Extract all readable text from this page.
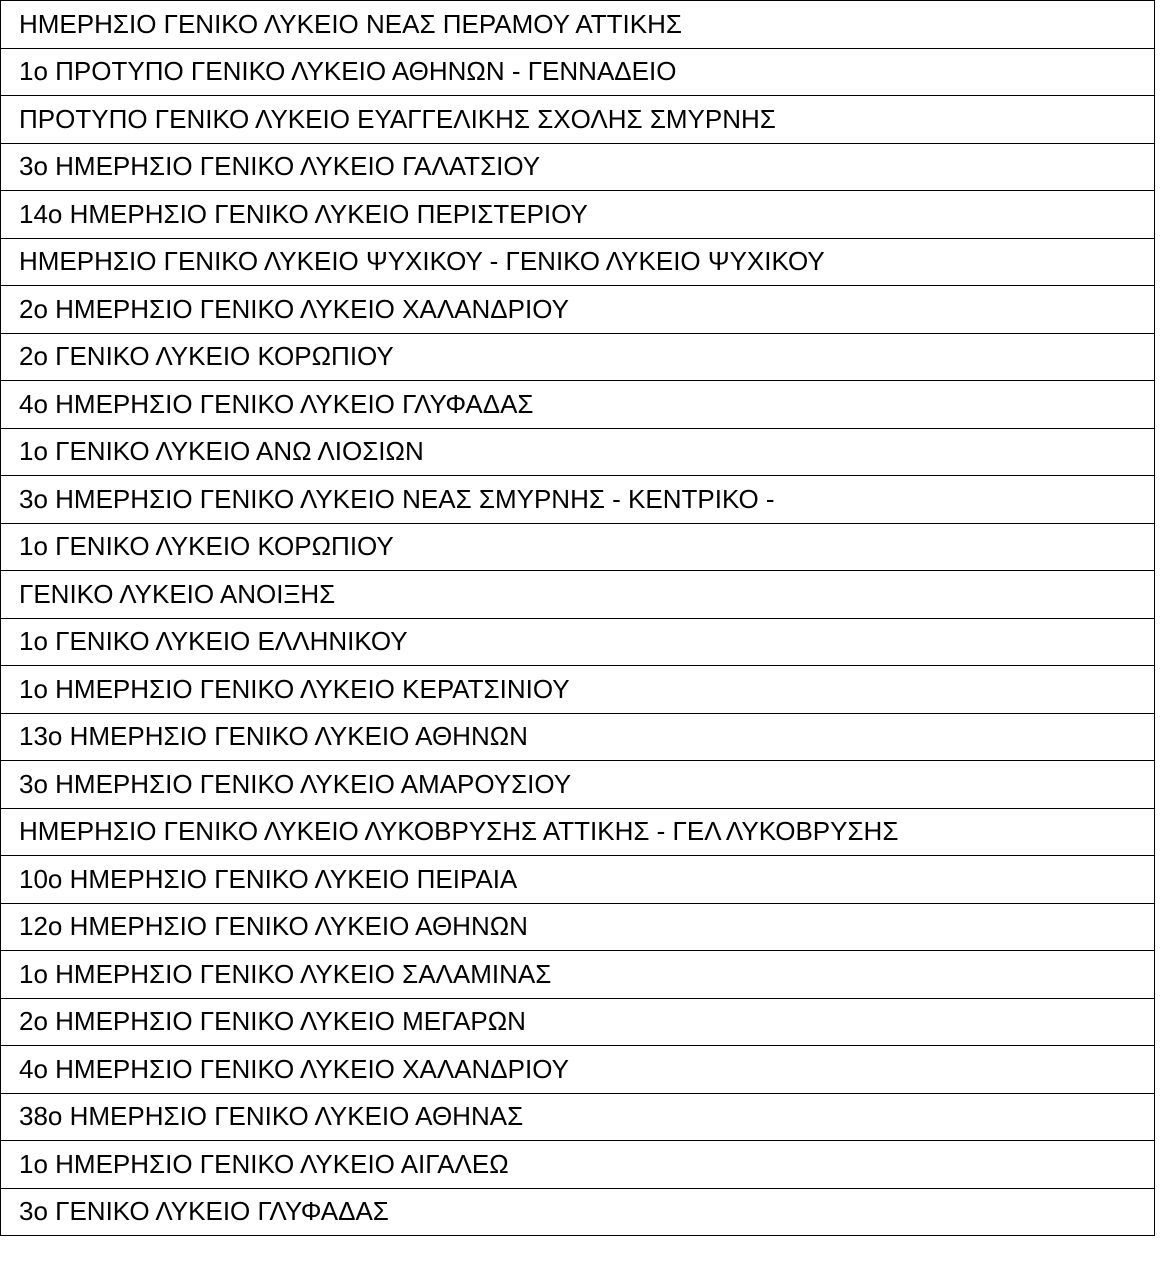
ΗΜΕΡΗΣΙΟ ΓΕΝΙΚΟ ΛΥΚΕΙΟ ΝΕΑΣ ΠΕΡΑΜΟΥ ΑΤΤΙΚΗΣ
1ο ΠΡΟΤΥΠΟ ΓΕΝΙΚΟ ΛΥΚΕΙΟ ΑΘΗΝΩΝ - ΓΕΝΝΑΔΕΙΟ
ΠΡΟΤΥΠΟ ΓΕΝΙΚΟ ΛΥΚΕΙΟ ΕΥΑΓΓΕΛΙΚΗΣ ΣΧΟΛΗΣ ΣΜΥΡΝΗΣ
3ο ΗΜΕΡΗΣΙΟ ΓΕΝΙΚΟ ΛΥΚΕΙΟ ΓΑΛΑΤΣΙΟΥ
14ο ΗΜΕΡΗΣΙΟ ΓΕΝΙΚΟ ΛΥΚΕΙΟ ΠΕΡΙΣΤΕΡΙΟΥ
ΗΜΕΡΗΣΙΟ ΓΕΝΙΚΟ ΛΥΚΕΙΟ ΨΥΧΙΚΟΥ - ΓΕΝΙΚΟ ΛΥΚΕΙΟ ΨΥΧΙΚΟΥ
2ο ΗΜΕΡΗΣΙΟ ΓΕΝΙΚΟ ΛΥΚΕΙΟ ΧΑΛΑΝΔΡΙΟΥ
2ο ΓΕΝΙΚΟ ΛΥΚΕΙΟ ΚΟΡΩΠΙΟΥ
4ο ΗΜΕΡΗΣΙΟ ΓΕΝΙΚΟ ΛΥΚΕΙΟ ΓΛΥΦΑΔΑΣ
1ο ΓΕΝΙΚΟ ΛΥΚΕΙΟ ΑΝΩ ΛΙΟΣΙΩΝ
3ο ΗΜΕΡΗΣΙΟ ΓΕΝΙΚΟ ΛΥΚΕΙΟ ΝΕΑΣ ΣΜΥΡΝΗΣ - ΚΕΝΤΡΙΚΟ -
1ο ΓΕΝΙΚΟ ΛΥΚΕΙΟ ΚΟΡΩΠΙΟΥ
ΓΕΝΙΚΟ ΛΥΚΕΙΟ ΑΝΟΙΞΗΣ
1ο ΓΕΝΙΚΟ ΛΥΚΕΙΟ ΕΛΛΗΝΙΚΟΥ
1ο ΗΜΕΡΗΣΙΟ ΓΕΝΙΚΟ ΛΥΚΕΙΟ ΚΕΡΑΤΣΙΝΙΟΥ
13ο ΗΜΕΡΗΣΙΟ ΓΕΝΙΚΟ ΛΥΚΕΙΟ ΑΘΗΝΩΝ
3ο ΗΜΕΡΗΣΙΟ ΓΕΝΙΚΟ ΛΥΚΕΙΟ ΑΜΑΡΟΥΣΙΟΥ
ΗΜΕΡΗΣΙΟ ΓΕΝΙΚΟ ΛΥΚΕΙΟ ΛΥΚΟΒΡΥΣΗΣ ΑΤΤΙΚΗΣ - ΓΕΛ ΛΥΚΟΒΡΥΣΗΣ
10ο ΗΜΕΡΗΣΙΟ ΓΕΝΙΚΟ ΛΥΚΕΙΟ ΠΕΙΡΑΙΑ
12ο ΗΜΕΡΗΣΙΟ ΓΕΝΙΚΟ ΛΥΚΕΙΟ ΑΘΗΝΩΝ
1ο ΗΜΕΡΗΣΙΟ ΓΕΝΙΚΟ ΛΥΚΕΙΟ ΣΑΛΑΜΙΝΑΣ
2ο ΗΜΕΡΗΣΙΟ ΓΕΝΙΚΟ ΛΥΚΕΙΟ ΜΕΓΑΡΩΝ
4ο ΗΜΕΡΗΣΙΟ ΓΕΝΙΚΟ ΛΥΚΕΙΟ ΧΑΛΑΝΔΡΙΟΥ
38ο ΗΜΕΡΗΣΙΟ ΓΕΝΙΚΟ ΛΥΚΕΙΟ ΑΘΗΝΑΣ
1ο ΗΜΕΡΗΣΙΟ ΓΕΝΙΚΟ ΛΥΚΕΙΟ ΑΙΓΑΛΕΩ
3ο ΓΕΝΙΚΟ ΛΥΚΕΙΟ ΓΛΥΦΑΔΑΣ
